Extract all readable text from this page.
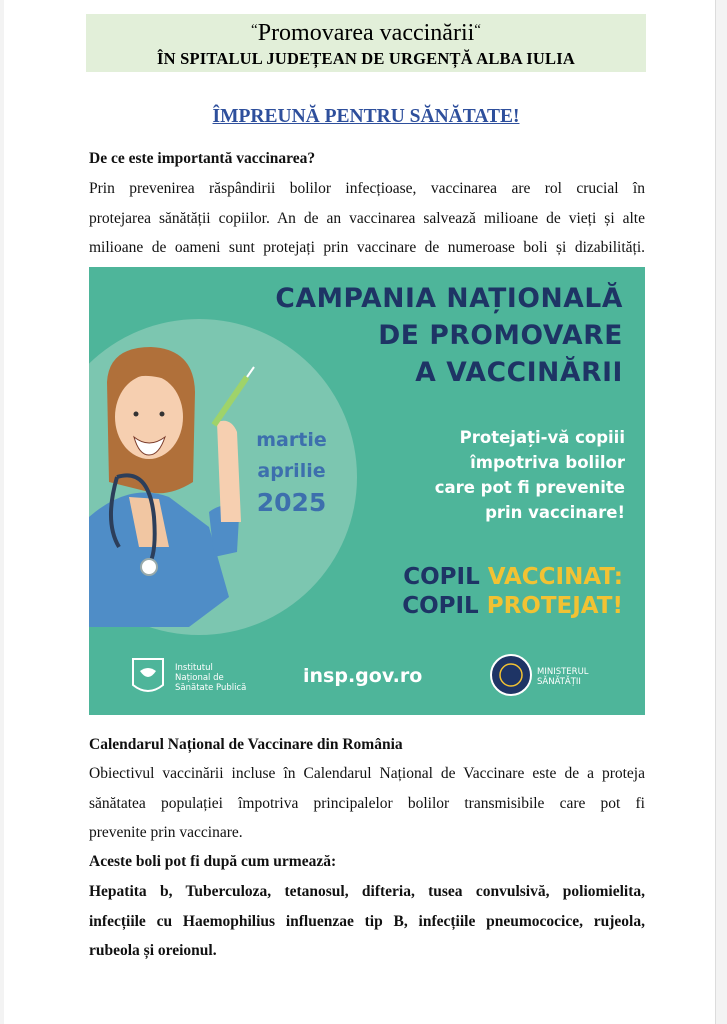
“Promovarea vaccinării“
ÎN SPITALUL JUDEȚEAN DE URGENȚĂ ALBA IULIA
ÎMPREUNĂ PENTRU SĂNĂTATE!
De ce este importantă vaccinarea?
Prin prevenirea răspândirii bolilor infecțioase, vaccinarea are rol crucial în
protejarea sănătății copiilor. An de an vaccinarea salvează milioane de vieți și alte
milioane de oameni sunt protejați prin vaccinare de numeroase boli și dizabilități.
CAMPANIA NAȚIONALĂ
DE PROMOVARE
A VACCINĂRII
martie
aprilie
2025
Protejați-vă copiii
împotriva bolilor
care pot fi prevenite
prin vaccinare!
COPIL VACCINAT:
COPIL PROTEJAT!
Institutul
Național de
Sănătate Publică
insp.gov.ro	MINISTERUL
SĂNĂTĂȚII
Calendarul Național de Vaccinare din România
Obiectivul vaccinării incluse în Calendarul Național de Vaccinare este de a proteja
sănătatea populației împotriva principalelor bolilor transmisibile care pot fi
prevenite prin vaccinare.
Aceste boli pot fi după cum urmează:
Hepatita b, Tuberculoza, tetanosul, difteria, tusea convulsivă, poliomielita,
infecțiile cu Haemophilius influenzae tip B, infecțiile pneumococice, rujeola,
rubeola și oreionul.
